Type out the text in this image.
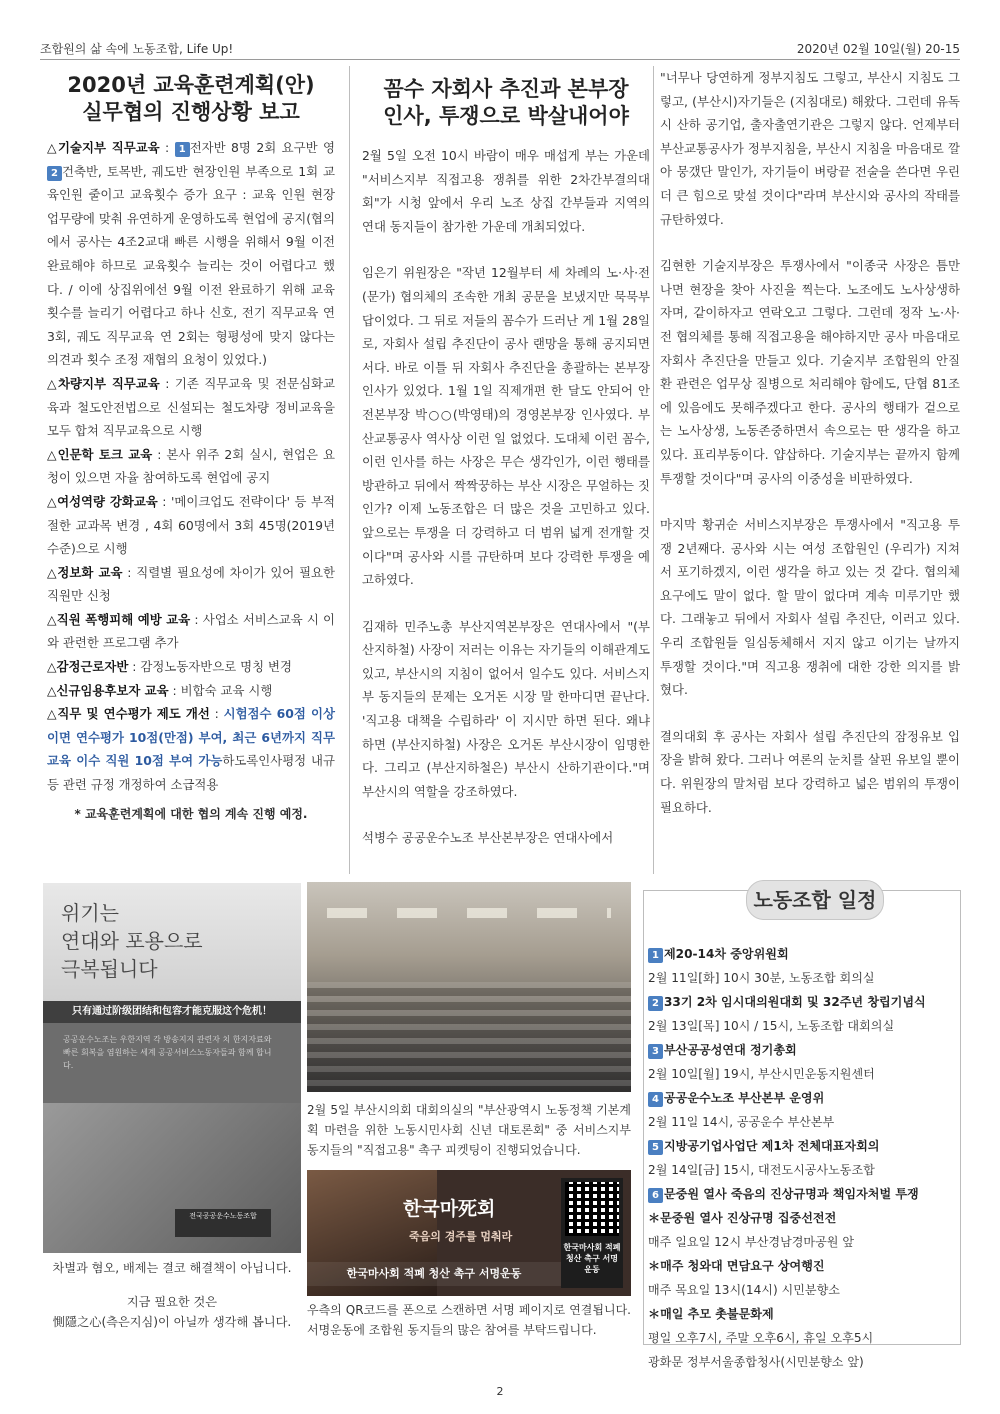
조합원의 삶 속에 노동조합, Life Up!	2020년 02월 10일(월) 20-15
2020년 교육훈련계획(안)
실무협의 진행상황 보고
△기술지부 직무교육 : 1 전자반 8명 2회 요구반 영 2 건축반, 토목반, 궤도반 현장인원 부족으로 1회 교육인원 줄이고 교육횟수 증가 요구 : 교육 인원 현장 업무량에 맞춰 유연하게 운영하도록 현업에 공지(협의에서 공사는 4조2교대 빠른 시행을 위해서 9월 이전 완료해야 하므로 교육횟수 늘리는 것이 어렵다고 했다. / 이에 상집위에선 9월 이전 완료하기 위해 교육 횟수를 늘리기 어렵다고 하나 신호, 전기 직무교육 연 3회, 궤도 직무교육 연 2회는 형평성에 맞지 않다는 의견과 횟수 조정 재협의 요청이 있었다.)
△차량지부 직무교육 : 기존 직무교육 및 전문심화교육과 철도안전법으로 신설되는 철도차량 정비교육을 모두 합쳐 직무교육으로 시행
△인문학 토크 교육 : 본사 위주 2회 실시, 현업은 요청이 있으면 자율 참여하도록 현업에 공지
△여성역량 강화교육 : '메이크업도 전략이다' 등 부적절한 교과목 변경 , 4회 60명에서 3회 45명(2019년 수준)으로 시행
△정보화 교육 : 직렬별 필요성에 차이가 있어 필요한 직원만 신청
△직원 폭행피해 예방 교육 : 사업소 서비스교육 시 이와 관련한 프로그램 추가
△감정근로자반 : 감정노동자반으로 명칭 변경
△신규임용후보자 교육 : 비합숙 교육 시행
△직무 및 연수평가 제도 개선 : 시험점수 60점 이상이면 연수평가 10점(만점) 부여, 최근 6년까지 직무교육 이수 직원 10점 부여 가능하도록인사평정 내규 등 관련 규정 개정하여 소급적용
* 교육훈련계획에 대한 협의 계속 진행 예정.
꼼수 자회사 추진과 본부장
인사, 투쟁으로 박살내어야
2월 5일 오전 10시 바람이 매우 매섭게 부는 가운데 "서비스지부 직접고용 쟁취를 위한 2차간부결의대회"가 시청 앞에서 우리 노조 상집 간부들과 지역의 연대 동지들이 참가한 가운데 개최되었다.
임은기 위원장은 "작년 12월부터 세 차례의 노·사·전(문가) 협의체의 조속한 개최 공문을 보냈지만 묵묵부답이었다. 그 뒤로 저들의 꼼수가 드러난 게 1월 28일로, 자회사 설립 추진단이 공사 랜망을 통해 공지되면서다. 바로 이틀 뒤 자회사 추진단을 총괄하는 본부장 인사가 있었다. 1월 1일 직제개편 한 달도 안되어 안전본부장 박○○(박영태)의 경영본부장 인사였다. 부산교통공사 역사상 이런 일 없었다. 도대체 이런 꼼수, 이런 인사를 하는 사장은 무슨 생각인가, 이런 행태를 방관하고 뒤에서 짝짝꿍하는 부산 시장은 무얼하는 짓인가? 이제 노동조합은 더 많은 것을 고민하고 있다. 앞으로는 투쟁을 더 강력하고 더 범위 넓게 전개할 것이다"며 공사와 시를 규탄하며 보다 강력한 투쟁을 예고하였다.
김재하 민주노총 부산지역본부장은 연대사에서 "(부산지하철) 사장이 저러는 이유는 자기들의 이해관계도 있고, 부산시의 지침이 없어서 일수도 있다. 서비스지부 동지들의 문제는 오거돈 시장 말 한마디면 끝난다. '직고용 대책을 수립하라' 이 지시만 하면 된다. 왜냐하면 (부산지하철) 사장은 오거돈 부산시장이 임명한다. 그리고 (부산지하철은) 부산시 산하기관이다."며 부산시의 역할을 강조하였다.
석병수 공공운수노조 부산본부장은 연대사에서
"너무나 당연하게 정부지침도 그렇고, 부산시 지침도 그렇고, (부산시)자기들은 (지침대로) 해왔다. 그런데 유독 시 산하 공기업, 출자출연기관은 그렇지 않다. 언제부터 부산교통공사가 정부지침을, 부산시 지침을 마음대로 깔아 뭉갰단 말인가, 자기들이 벼랑끝 전술을 쓴다면 우린 더 큰 힘으로 맞설 것이다"라며 부산시와 공사의 작태를 규탄하였다.
김현한 기술지부장은 투쟁사에서 "이종국 사장은 틈만 나면 현장을 찾아 사진을 찍는다. 노조에도 노사상생하자며, 같이하자고 연락오고 그렇다. 그런데 정작 노·사·전 협의체를 통해 직접고용을 해야하지만 공사 마음대로 자회사 추진단을 만들고 있다. 기술지부 조합원의 안질환 관련은 업무상 질병으로 처리해야 함에도, 단협 81조에 있음에도 못해주겠다고 한다. 공사의 행태가 겉으로는 노사상생, 노동존중하면서 속으로는 딴 생각을 하고 있다. 표리부동이다. 얍삽하다. 기술지부는 끝까지 함께 투쟁할 것이다"며 공사의 이중성을 비판하였다.
마지막 황귀순 서비스지부장은 투쟁사에서 "직고용 투쟁 2년째다. 공사와 시는 여성 조합원인 (우리가) 지쳐서 포기하겠지, 이런 생각을 하고 있는 것 같다. 협의체 요구에도 말이 없다. 할 말이 없다며 계속 미루기만 했다. 그래놓고 뒤에서 자회사 설립 추진단, 이러고 있다. 우리 조합원들 일심동체해서 지지 않고 이기는 날까지 투쟁할 것이다."며 직고용 쟁취에 대한 강한 의지를 밝혔다.
결의대회 후 공사는 자회사 설립 추진단의 잠정유보 입장을 밝혀 왔다. 그러나 여론의 눈치를 살핀 유보일 뿐이다. 위원장의 말처럼 보다 강력하고 넓은 범위의 투쟁이 필요하다.
위기는
연대와 포용으로
극복됩니다
只有通过阶级团结和包容才能克服这个危机！
공공운수노조는 우한지역 각 방송지지 관련자 치 한지자료와 빠른 회복을 염원하는 세계 공공서비스노동자들과 함께 합니다.
전국공공운수노동조합
차별과 혐오, 배제는 결코 해결책이 아닙니다.
지금 필요한 것은
惻隱之心(측은지심)이 아닐까 생각해 봅니다.
2월 5일 부산시의회 대회의실의 "부산광역시 노동정책 기본계획 마련을 위한 노동시민사회 신년 대토론회" 중 서비스지부 동지들의 "직접고용" 촉구 피켓팅이 진행되었습니다.
한국마死회
죽음의 경주를 멈춰라
한국마사회 적폐 청산 촉구 서명운동
한국마사회 적폐 청산 촉구 서명운동
우측의 QR코드를 폰으로 스캔하면 서명 페이지로 연결됩니다. 서명운동에 조합원 동지들의 많은 참여를 부탁드립니다.
노동조합 일정
1 제20-14차 중앙위원회
2월 11일[화] 10시 30분, 노동조합 회의실
2 33기 2차 임시대의원대회 및 32주년 창립기념식
2월 13일[목] 10시 / 15시, 노동조합 대회의실
3 부산공공성연대 정기총회
2월 10일[월] 19시, 부산시민운동지원센터
4 공공운수노조 부산본부 운영위
2월 11일 14시, 공공운수 부산본부
5 지방공기업사업단 제1차 전체대표자회의
2월 14일[금] 15시, 대전도시공사노동조합
6 문중원 열사 죽음의 진상규명과 책임자처벌 투쟁
＊문중원 열사 진상규명 집중선전전
매주 일요일 12시 부산경남경마공원 앞
＊매주 청와대 면담요구 상여행진
매주 목요일 13시(14시) 시민분향소
＊매일 추모 촛불문화제
평일 오후7시, 주말 오후6시, 휴일 오후5시
광화문 정부서울종합청사(시민분향소 앞)
2
